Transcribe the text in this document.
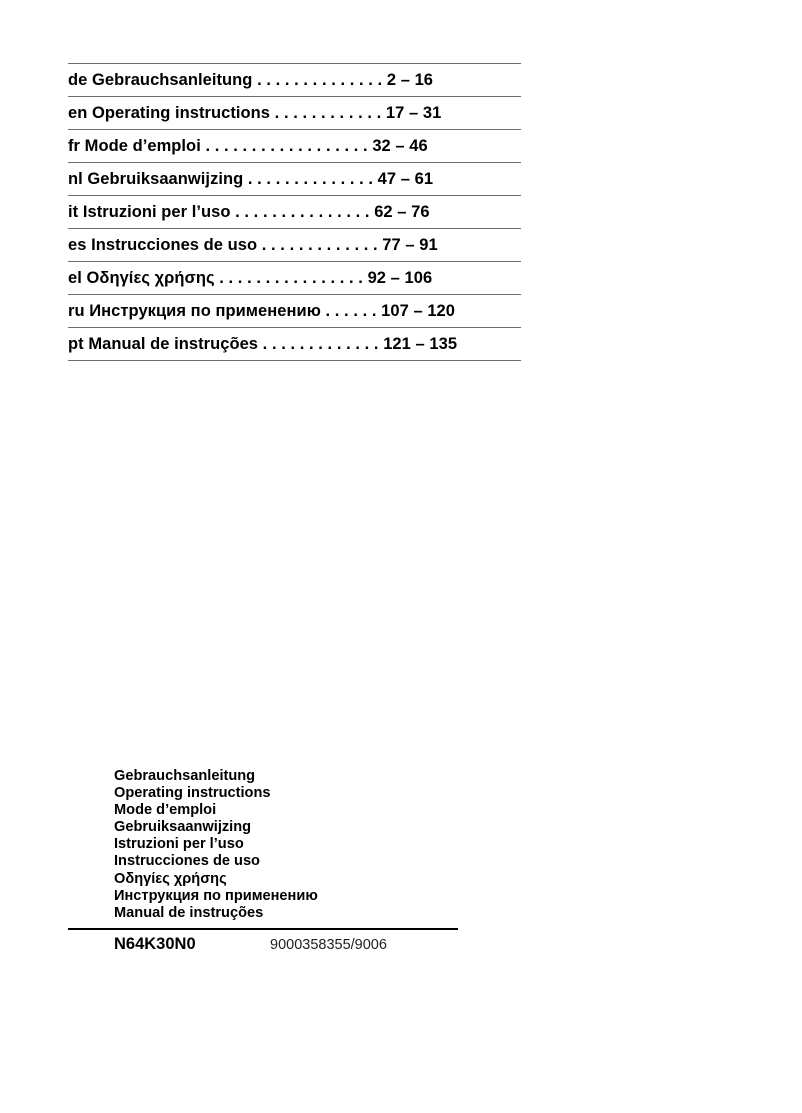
de
Gebrauchsanleitung . . . . . . . . . . . . . .
2 – 16
en
Operating instructions . . . . . . . . . . . .
17 – 31
fr
Mode d’emploi . . . . . . . . . . . . . . . . . .
32 – 46
nl
Gebruiksaanwijzing . . . . . . . . . . . . . .
47 – 61
it
Istruzioni per l’uso . . . . . . . . . . . . . . .
62 – 76
es
Instrucciones de uso . . . . . . . . . . . . .
77 – 91
el
Οδηγίες χρήσης . . . . . . . . . . . . . . . .
92 – 106
ru
Инструкция по применению . . . . . .
107 – 120
pt
Manual de instruções . . . . . . . . . . . . .
121 – 135
Gebrauchsanleitung
Operating instructions
Mode d’emploi
Gebruiksaanwijzing
Istruzioni per l’uso
Instrucciones de uso
Οδηγίες χρήσης
Инструкция по применению
Manual de instruções
N64K30N0	9000358355/9006
